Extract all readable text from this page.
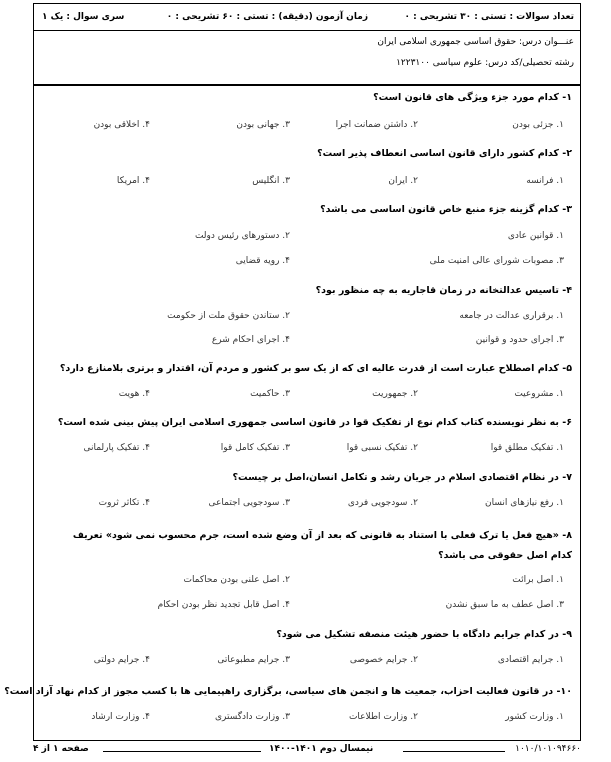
تعداد سوالات : تستی : ۳۰ تشریحی : ۰
زمان آزمون (دقیقه) : تستی : ۶۰ تشریحی : ۰
سری سوال : یک ۱
عنـــوان درس: حقوق اساسی جمهوری اسلامی ایران
رشته تحصیلی/کد درس: علوم سیاسی ۱۲۲۳۱۰۰
۱- کدام مورد جزء ویژگی های قانون است؟
۱. جزئی بودن
۲. داشتن ضمانت اجرا
۳. جهانی بودن
۴. اخلاقی بودن
۲- کدام کشور دارای قانون اساسی انعطاف پذیر است؟
۱. فرانسه
۲. ایران
۳. انگلیس
۴. امریکا
۳- کدام گزینه جزء منبع خاص قانون اساسی می باشد؟
۱. قوانین عادی
۲. دستورهای رئیس دولت
۳. مصوبات شورای عالی امنیت ملی
۴. رویه قضایی
۴- تاسیس عدالتخانه در زمان قاجاریه به چه منظور بود؟
۱. برقراری عدالت در جامعه
۲. ستاندن حقوق ملت از حکومت
۳. اجرای حدود و قوانین
۴. اجرای احکام شرع
۵- کدام اصطلاح عبارت است از قدرت عالیه ای که از یک سو بر کشور و مردم آن، اقتدار و برتری بلامنازع دارد؟
۱. مشروعیت
۲. جمهوریت
۳. حاکمیت
۴. هویت
۶- به نظر نویسنده کتاب کدام نوع از تفکیک قوا در قانون اساسی جمهوری اسلامی ایران پیش بینی شده است؟
۱. تفکیک مطلق قوا
۲. تفکیک نسبی قوا
۳. تفکیک کامل قوا
۴. تفکیک پارلمانی
۷- در نظام اقتصادی اسلام در جریان رشد و تکامل انسان،اصل بر چیست؟
۱. رفع نیازهای انسان
۲. سودجویی فردی
۳. سودجویی اجتماعی
۴. تکاثر ثروت
۸- «هیچ فعل یا ترک فعلی با استناد به قانونی که بعد از آن وضع شده است، جرم محسوب نمی شود» تعریف کدام اصل حقوقی می باشد؟
۱. اصل برائت
۲. اصل علنی بودن محاکمات
۳. اصل عطف به ما سبق نشدن
۴. اصل قابل تجدید نظر بودن احکام
۹- در کدام جرایم دادگاه با حضور هیئت منصفه تشکیل می شود؟
۱. جرایم اقتصادی
۲. جرایم خصوصی
۳. جرایم مطبوعاتی
۴. جرایم دولتی
۱۰- در قانون فعالیت احزاب، جمعیت ها و انجمن های سیاسی، برگزاری راهپیمایی ها با کسب مجوز از کدام نهاد آزاد است؟
۱. وزارت کشور
۲. وزارت اطلاعات
۳. وزارت دادگستری
۴. وزارت ارشاد
صفحه ۱ از ۴	نیمسال دوم ۱۴۰۱-۱۴۰۰	۱۰۱۰/۱۰۱۰۹۴۶۶۰
